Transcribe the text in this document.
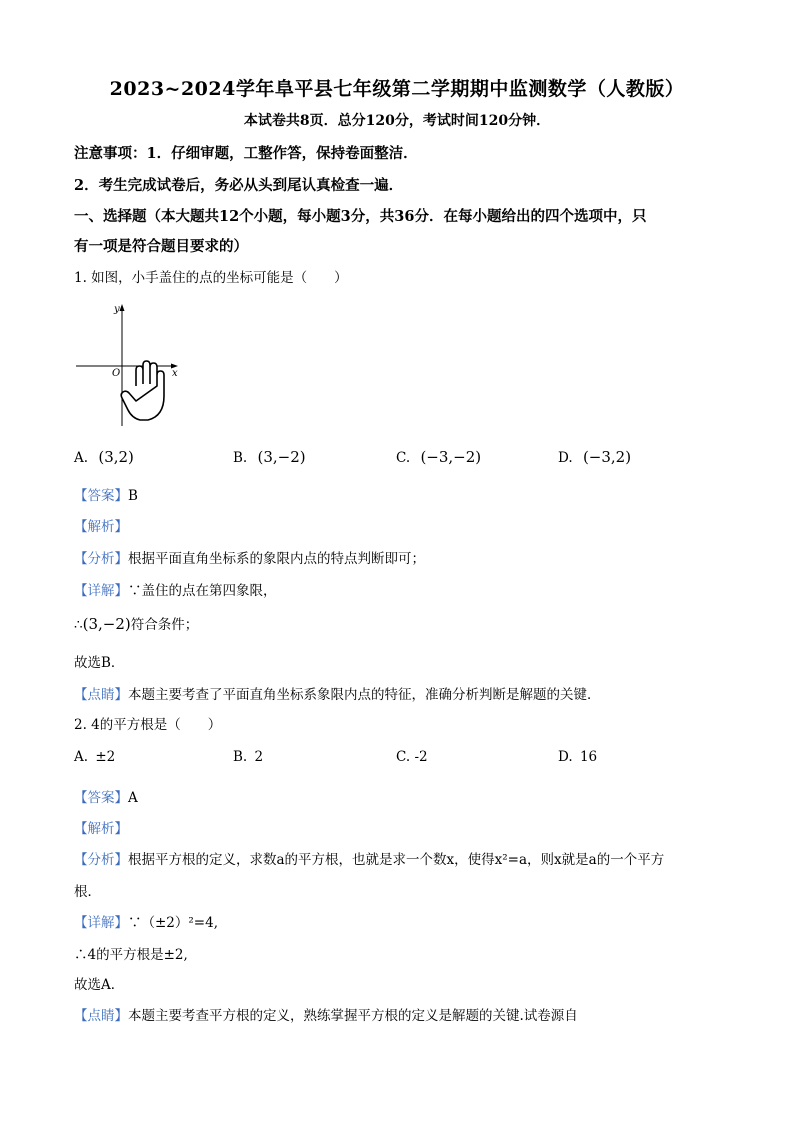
2023~2024学年阜平县七年级第二学期期中监测数学（人教版）
本试卷共8页．总分120分，考试时间120分钟．
注意事项：1．仔细审题，工整作答，保持卷面整洁．
2．考生完成试卷后，务必从头到尾认真检查一遍．
一、选择题（本大题共12个小题，每小题3分，共36分．在每小题给出的四个选项中，只
有一项是符合题目要求的）
1. 如图，小手盖住的点的坐标可能是（　　）
y
x
O
A. (3,2)	B. (3,−2)	C. (−3,−2)	D. (−3,2)
【答案】B
【解析】
【分析】根据平面直角坐标系的象限内点的特点判断即可；
【详解】∵盖住的点在第四象限，
∴(3,−2)符合条件；
故选B．
【点睛】本题主要考查了平面直角坐标系象限内点的特征，准确分析判断是解题的关键．
2. 4的平方根是（　　）
A. ±2	B. 2	C. -2	D. 16
【答案】A
【解析】
【分析】根据平方根的定义，求数a的平方根，也就是求一个数x，使得x²=a，则x就是a的一个平方
根．
【详解】∵（±2）²=4,
∴4的平方根是±2,
故选A．
【点睛】本题主要考查平方根的定义，熟练掌握平方根的定义是解题的关键.试卷源自
